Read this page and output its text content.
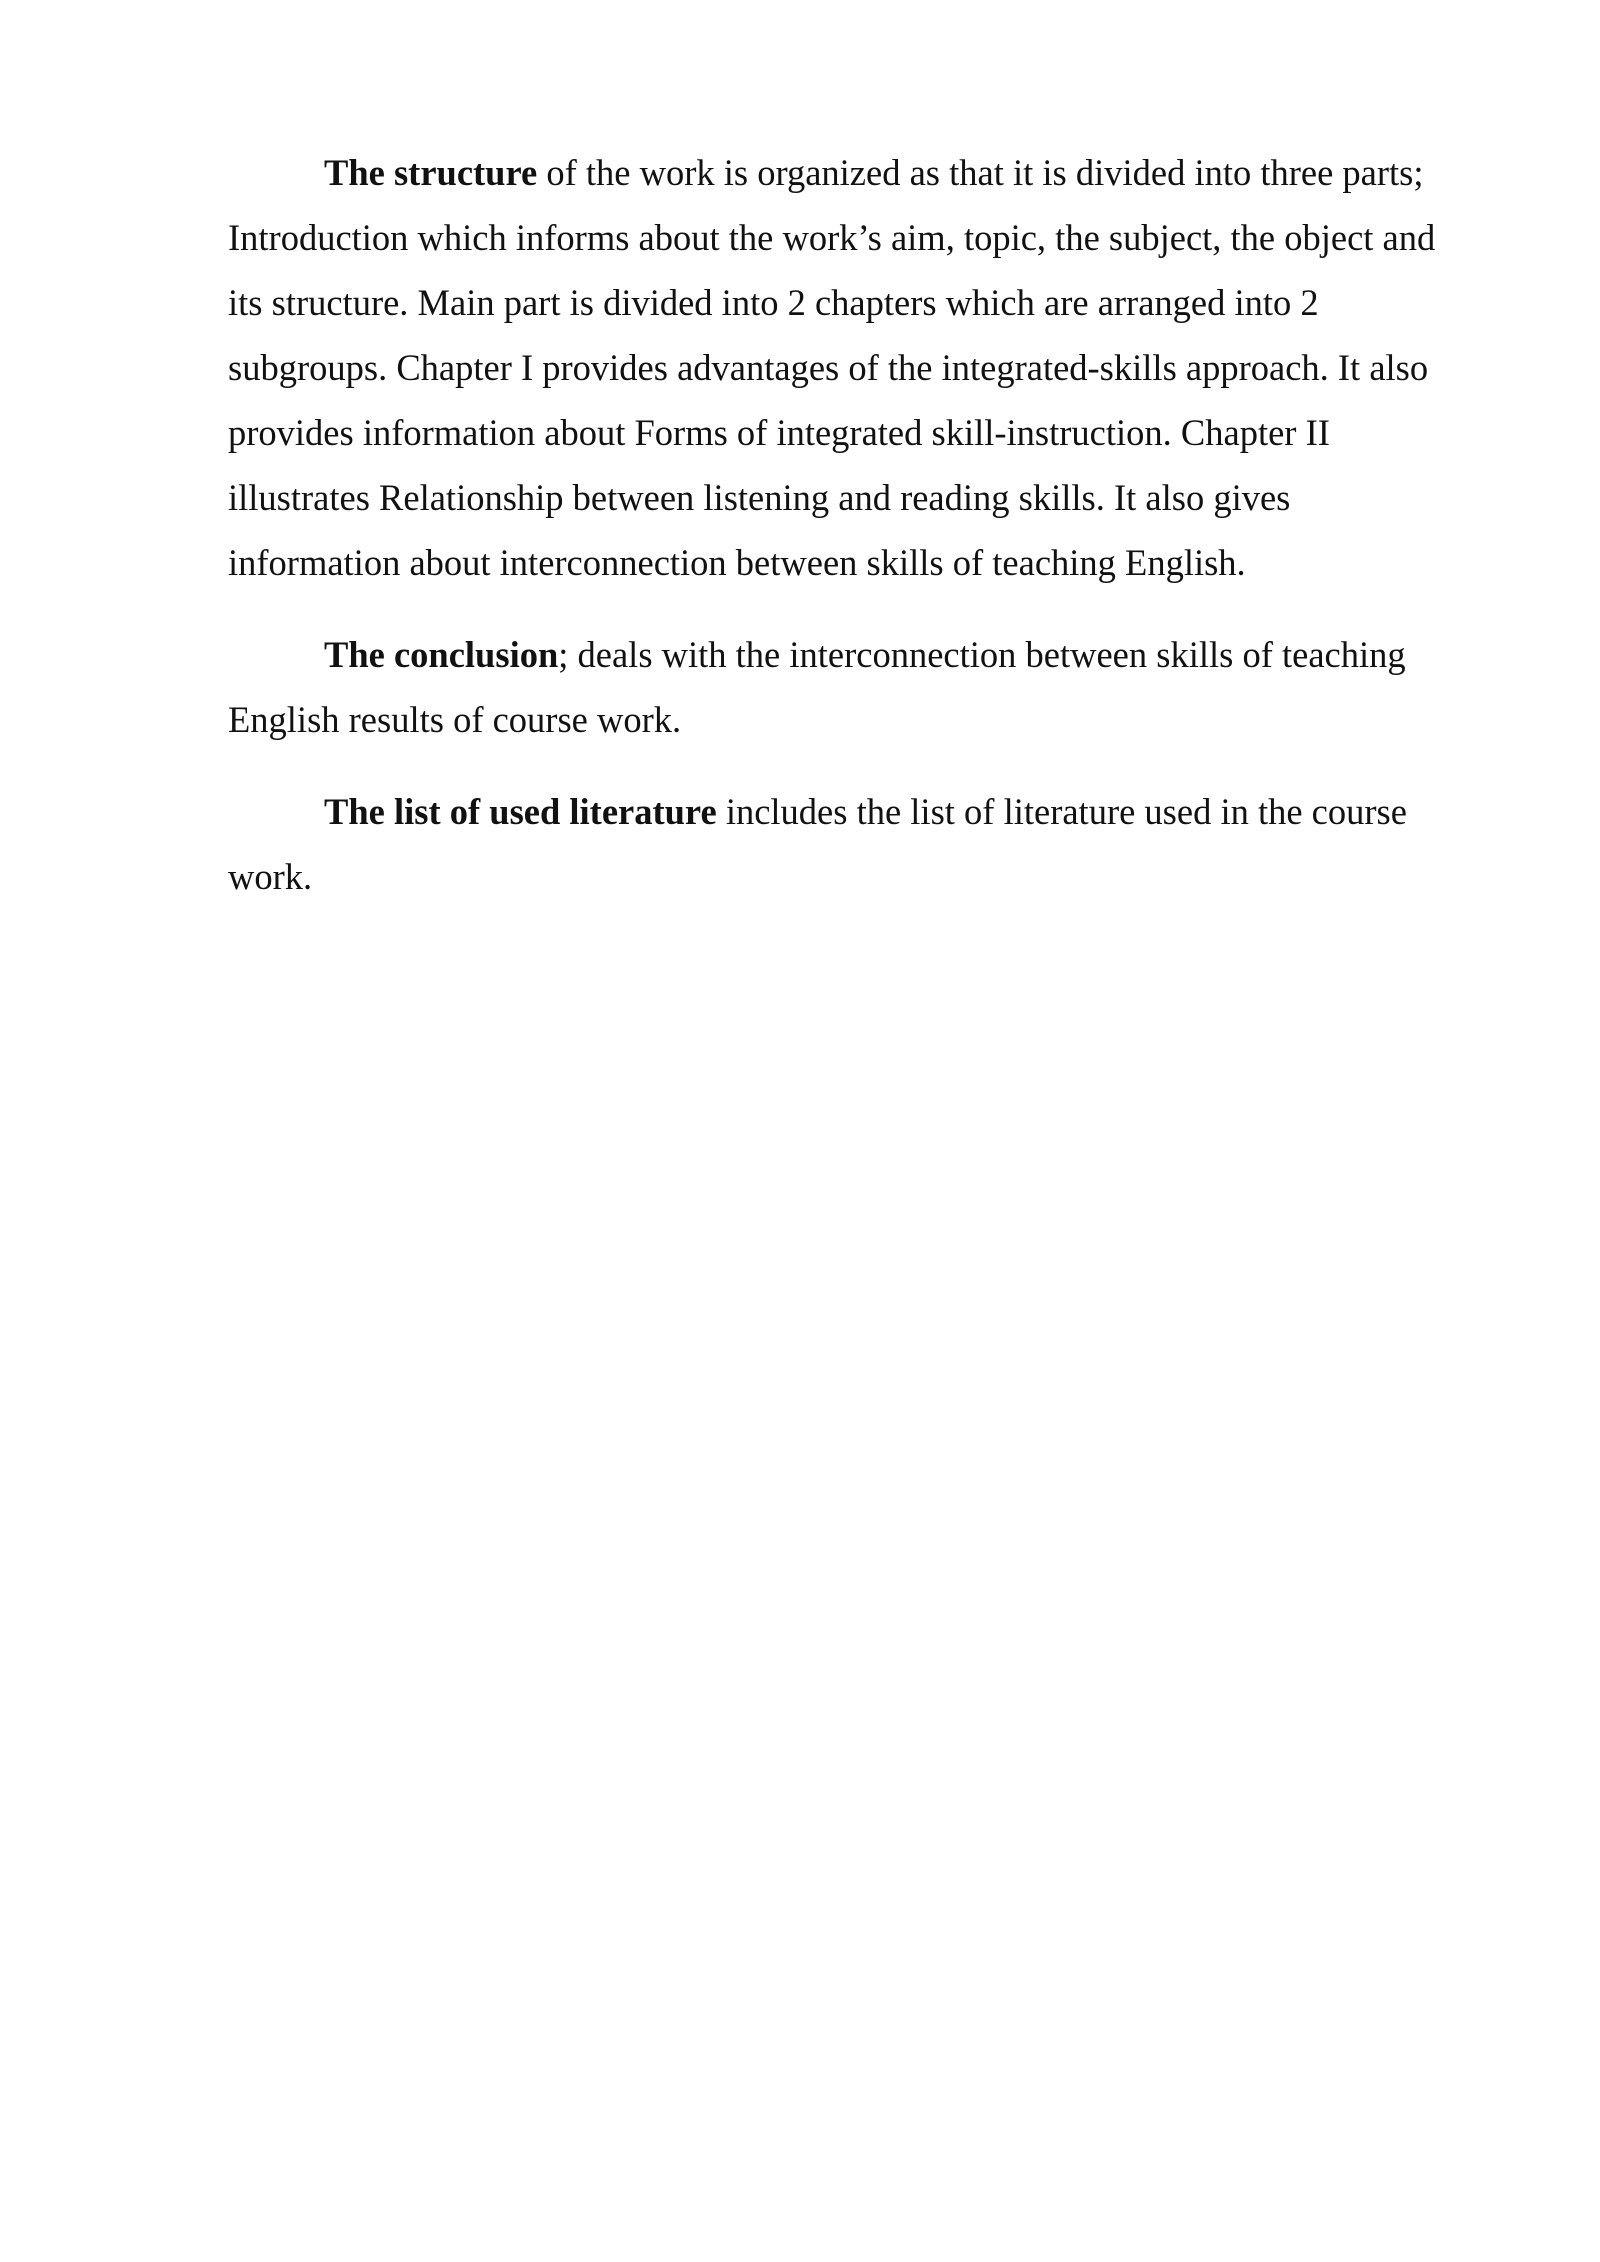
The structure of the work is organized as that it is divided into three parts;
Introduction which informs about the work’s aim, topic, the subject, the object and
its structure. Main part is divided into 2 chapters which are arranged into 2
subgroups. Chapter I provides advantages of the integrated-skills approach. It also
provides information about Forms of integrated skill-instruction. Chapter II
illustrates Relationship between listening and reading skills. It also gives
information about interconnection between skills of teaching English.

The conclusion; deals with the interconnection between skills of teaching
English results of course work.

The list of used literature includes the list of literature used in the course
work.
